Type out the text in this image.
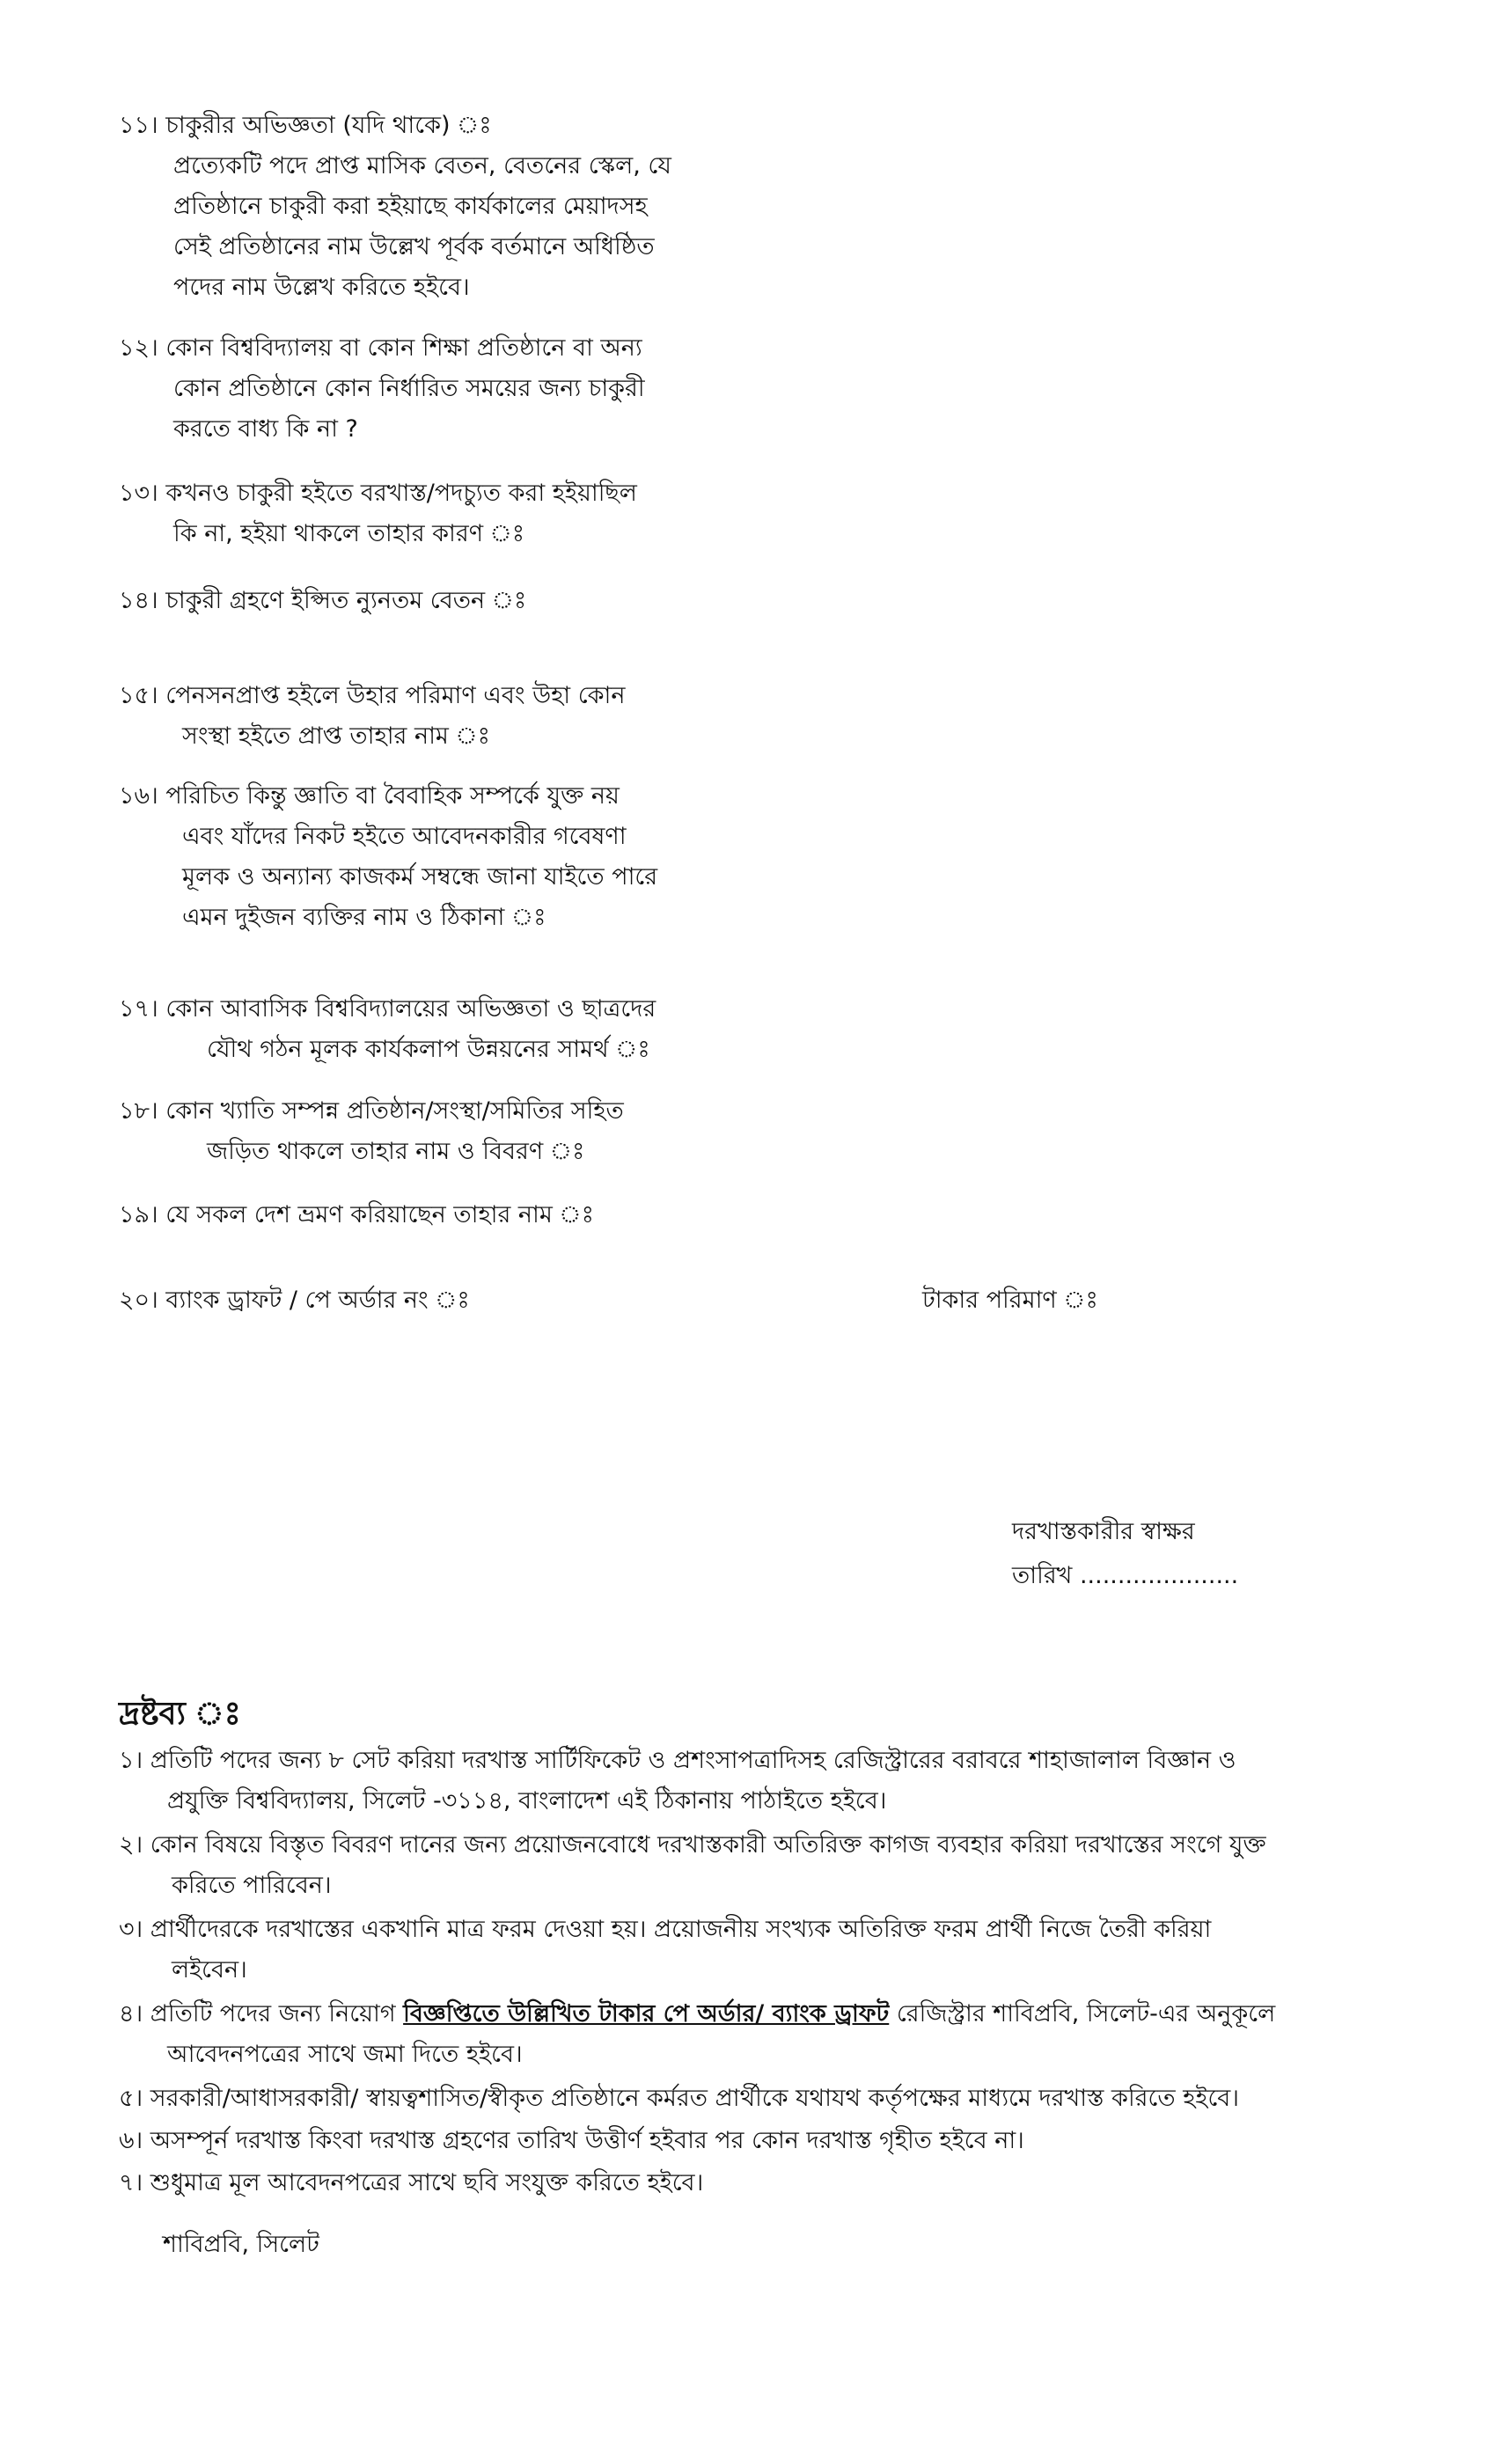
১১। চাকুরীর অভিজ্ঞতা (যদি থাকে) ঃ
প্রত্যেকটি পদে প্রাপ্ত মাসিক বেতন, বেতনের স্কেল, যে
প্রতিষ্ঠানে চাকুরী করা হইয়াছে কার্যকালের মেয়াদসহ
সেই প্রতিষ্ঠানের নাম উল্লেখ পূর্বক বর্তমানে অধিষ্ঠিত
পদের নাম উল্লেখ করিতে হইবে।
১২। কোন বিশ্ববিদ্যালয় বা কোন শিক্ষা প্রতিষ্ঠানে বা অন্য
কোন প্রতিষ্ঠানে কোন নির্ধারিত সময়ের জন্য চাকুরী
করতে বাধ্য কি না ?
১৩। কখনও চাকুরী হইতে বরখাস্ত/পদচ্যুত করা হইয়াছিল
কি না, হইয়া থাকলে তাহার কারণ ঃ
১৪। চাকুরী গ্রহণে ইপ্সিত ন্যুনতম বেতন ঃ
১৫। পেনসনপ্রাপ্ত হইলে উহার পরিমাণ এবং উহা কোন
সংস্থা হইতে প্রাপ্ত তাহার নাম ঃ
১৬। পরিচিত কিন্তু জ্ঞাতি বা বৈবাহিক সম্পর্কে যুক্ত নয়
এবং যাঁদের নিকট হইতে আবেদনকারীর গবেষণা
মূলক ও অন্যান্য কাজকর্ম সম্বন্ধে জানা যাইতে পারে
এমন দুইজন ব্যক্তির নাম ও ঠিকানা ঃ
১৭। কোন আবাসিক বিশ্ববিদ্যালয়ের অভিজ্ঞতা ও ছাত্রদের
যৌথ গঠন মূলক কার্যকলাপ উন্নয়নের সামর্থ ঃ
১৮। কোন খ্যাতি সম্পন্ন প্রতিষ্ঠান/সংস্থা/সমিতির সহিত
জড়িত থাকলে তাহার নাম ও বিবরণ ঃ
১৯। যে সকল দেশ ভ্রমণ করিয়াছেন তাহার নাম ঃ
২০। ব্যাংক ড্রাফট / পে অর্ডার নং ঃ	টাকার পরিমাণ ঃ
দরখাস্তকারীর স্বাক্ষর
তারিখ .....................
দ্রষ্টব্য ঃ
১। প্রতিটি পদের জন্য ৮ সেট করিয়া দরখাস্ত সার্টিফিকেট ও প্রশংসাপত্রাদিসহ রেজিস্ট্রারের বরাবরে শাহাজালাল বিজ্ঞান ও
প্রযুক্তি বিশ্ববিদ্যালয়, সিলেট -৩১১৪, বাংলাদেশ এই ঠিকানায় পাঠাইতে হইবে।
২। কোন বিষয়ে বিস্তৃত বিবরণ দানের জন্য প্রয়োজনবোধে দরখাস্তকারী অতিরিক্ত কাগজ ব্যবহার করিয়া দরখাস্তের সংগে যুক্ত
করিতে পারিবেন।
৩। প্রার্থীদেরকে দরখাস্তের একখানি মাত্র ফরম দেওয়া হয়। প্রয়োজনীয় সংখ্যক অতিরিক্ত ফরম প্রার্থী নিজে তৈরী করিয়া
লইবেন।
৪। প্রতিটি পদের জন্য নিয়োগ বিজ্ঞপ্তিতে উল্লিখিত টাকার পে অর্ডার/ ব্যাংক ড্রাফট রেজিস্ট্রার শাবিপ্রবি, সিলেট-এর অনুকূলে
আবেদনপত্রের সাথে জমা দিতে হইবে।
৫। সরকারী/আধাসরকারী/ স্বায়ত্বশাসিত/স্বীকৃত প্রতিষ্ঠানে কর্মরত প্রার্থীকে যথাযথ কর্তৃপক্ষের মাধ্যমে দরখাস্ত করিতে হইবে।
৬। অসম্পূর্ন দরখাস্ত কিংবা দরখাস্ত গ্রহণের তারিখ উত্তীর্ণ হইবার পর কোন দরখাস্ত গৃহীত হইবে না।
৭। শুধুমাত্র মূল আবেদনপত্রের সাথে ছবি সংযুক্ত করিতে হইবে।
শাবিপ্রবি, সিলেট
